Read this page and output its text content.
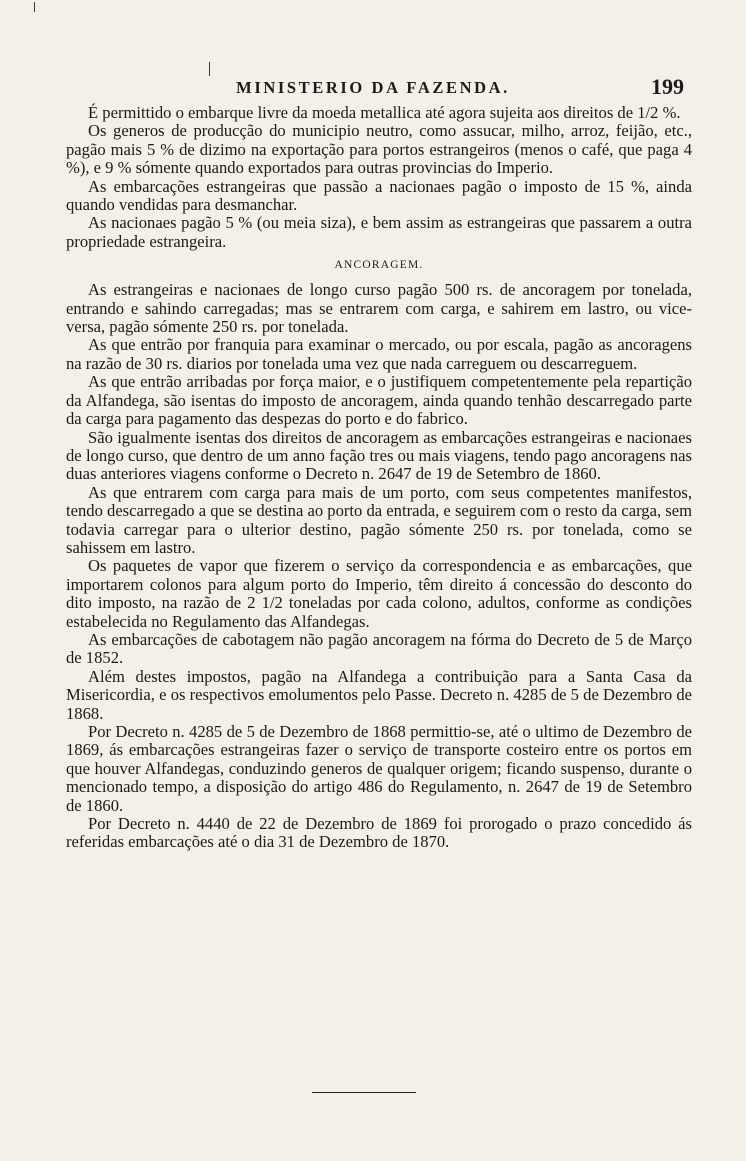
MINISTERIO DA FAZENDA.	199

É permittido o embarque livre da moeda metallica até agora sujeita aos direitos de 1/2 %.

Os generos de producção do municipio neutro, como assucar, milho, arroz, feijão, etc., pagão mais 5 % de dizimo na exportação para portos estrangeiros (menos o café, que paga 4 %), e 9 % sómente quando exportados para outras provincias do Imperio.

As embarcações estrangeiras que passão a nacionaes pagão o imposto de 15 %, ainda quando vendidas para desmanchar.

As nacionaes pagão 5 % (ou meia siza), e bem assim as estrangeiras que passarem a outra propriedade estrangeira.

ANCORAGEM.

As estrangeiras e nacionaes de longo curso pagão 500 rs. de ancoragem por tonelada, entrando e sahindo carregadas; mas se entrarem com carga, e sahirem em lastro, ou vice-versa, pagão sómente 250 rs. por tonelada.

As que entrão por franquia para examinar o mercado, ou por escala, pagão as ancoragens na razão de 30 rs. diarios por tonelada uma vez que nada carreguem ou descarreguem.

As que entrão arribadas por força maior, e o justifiquem competentemente pela repartição da Alfandega, são isentas do imposto de ancoragem, ainda quando tenhão descarregado parte da carga para pagamento das despezas do porto e do fabrico.

São igualmente isentas dos direitos de ancoragem as embarcações estrangeiras e nacionaes de longo curso, que dentro de um anno fação tres ou mais viagens, tendo pago ancoragens nas duas anteriores viagens conforme o Decreto n. 2647 de 19 de Setembro de 1860.

As que entrarem com carga para mais de um porto, com seus competentes manifestos, tendo descarregado a que se destina ao porto da entrada, e seguirem com o resto da carga, sem todavia carregar para o ulterior destino, pagão sómente 250 rs. por tonelada, como se sahissem em lastro.

Os paquetes de vapor que fizerem o serviço da correspondencia e as embarcações, que importarem colonos para algum porto do Imperio, têm direito á concessão do desconto do dito imposto, na razão de 2 1/2 toneladas por cada colono, adultos, conforme as condições estabelecida no Regulamento das Alfandegas.

As embarcações de cabotagem não pagão ancoragem na fórma do Decreto de 5 de Março de 1852.

Além destes impostos, pagão na Alfandega a contribuição para a Santa Casa da Misericordia, e os respectivos emolumentos pelo Passe. Decreto n. 4285 de 5 de Dezembro de 1868.

Por Decreto n. 4285 de 5 de Dezembro de 1868 permittio-se, até o ultimo de Dezembro de 1869, ás embarcações estrangeiras fazer o serviço de transporte costeiro entre os portos em que houver Alfandegas, conduzindo generos de qualquer origem; ficando suspenso, durante o mencionado tempo, a disposição do artigo 486 do Regulamento, n. 2647 de 19 de Setembro de 1860.

Por Decreto n. 4440 de 22 de Dezembro de 1869 foi prorogado o prazo concedido ás referidas embarcações até o dia 31 de Dezembro de 1870.
